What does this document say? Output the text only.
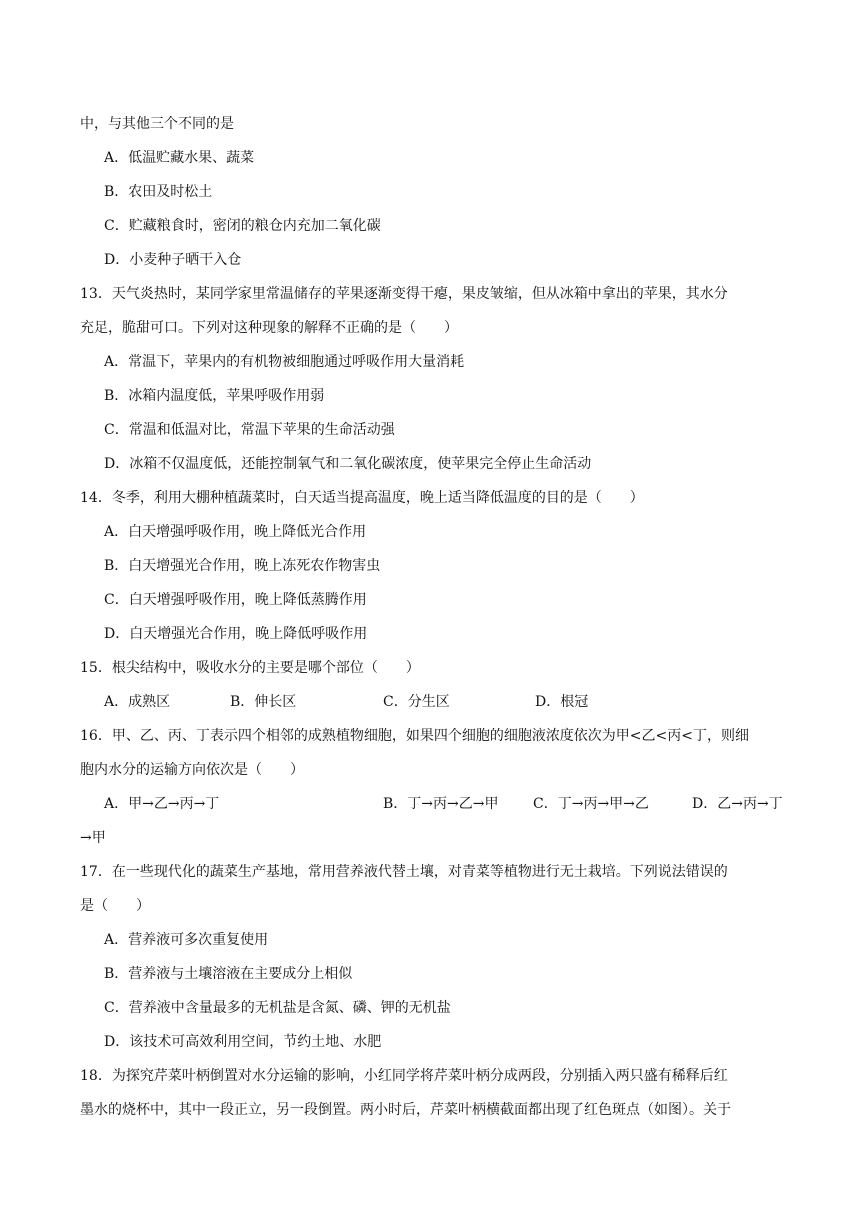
中，与其他三个不同的是
A．低温贮藏水果、蔬菜
B．农田及时松土
C．贮藏粮食时，密闭的粮仓内充加二氧化碳
D．小麦种子晒干入仓
13．天气炎热时，某同学家里常温储存的苹果逐渐变得干瘪，果皮皱缩，但从冰箱中拿出的苹果，其水分
充足，脆甜可口。下列对这种现象的解释不正确的是（　　）
A．常温下，苹果内的有机物被细胞通过呼吸作用大量消耗
B．冰箱内温度低，苹果呼吸作用弱
C．常温和低温对比，常温下苹果的生命活动强
D．冰箱不仅温度低，还能控制氧气和二氧化碳浓度，使苹果完全停止生命活动
14．冬季，利用大棚种植蔬菜时，白天适当提高温度，晚上适当降低温度的目的是（　　）
A．白天增强呼吸作用，晚上降低光合作用
B．白天增强光合作用，晚上冻死农作物害虫
C．白天增强呼吸作用，晚上降低蒸腾作用
D．白天增强光合作用，晚上降低呼吸作用
15．根尖结构中，吸收水分的主要是哪个部位（　　）
A．成熟区	B．伸长区	C．分生区	D．根冠
16．甲、乙、丙、丁表示四个相邻的成熟植物细胞，如果四个细胞的细胞液浓度依次为甲<乙<丙<丁，则细
胞内水分的运输方向依次是（　　）
A．甲→乙→丙→丁	B．丁→丙→乙→甲 C．丁→丙→甲→乙	D．乙→丙→丁
→甲
17．在一些现代化的蔬菜生产基地，常用营养液代替土壤，对青菜等植物进行无土栽培。下列说法错误的
是（　　）
A．营养液可多次重复使用
B．营养液与土壤溶液在主要成分上相似
C．营养液中含量最多的无机盐是含氮、磷、钾的无机盐
D．该技术可高效利用空间，节约土地、水肥
18．为探究芹菜叶柄倒置对水分运输的影响，小红同学将芹菜叶柄分成两段，分别插入两只盛有稀释后红
墨水的烧杯中，其中一段正立，另一段倒置。两小时后，芹菜叶柄横截面都出现了红色斑点（如图）。关于
